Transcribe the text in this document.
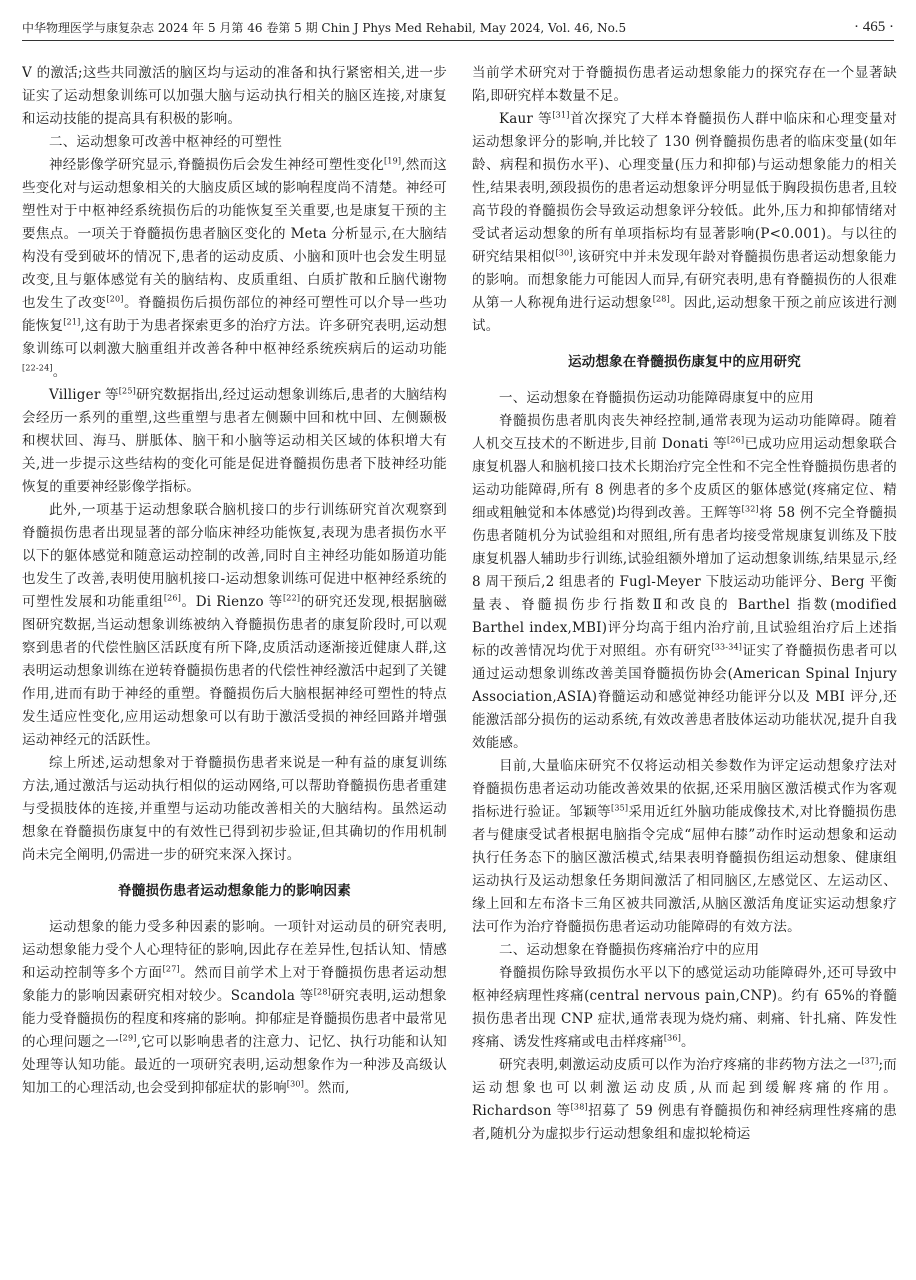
中华物理医学与康复杂志 2024 年 5 月第 46 卷第 5 期 Chin J Phys Med Rehabil, May 2024, Vol. 46, No.5	· 465 ·

V 的激活;这些共同激活的脑区均与运动的准备和执行紧密相关,进一步证实了运动想象训练可以加强大脑与运动执行相关的脑区连接,对康复和运动技能的提高具有积极的影响。

二、运动想象可改善中枢神经的可塑性

神经影像学研究显示,脊髓损伤后会发生神经可塑性变化[19],然而这些变化对与运动想象相关的大脑皮质区域的影响程度尚不清楚。神经可塑性对于中枢神经系统损伤后的功能恢复至关重要,也是康复干预的主要焦点。一项关于脊髓损伤患者脑区变化的 Meta 分析显示,在大脑结构没有受到破坏的情况下,患者的运动皮质、小脑和顶叶也会发生明显改变,且与躯体感觉有关的脑结构、皮质重组、白质扩散和丘脑代谢物也发生了改变[20]。脊髓损伤后损伤部位的神经可塑性可以介导一些功能恢复[21],这有助于为患者探索更多的治疗方法。许多研究表明,运动想象训练可以刺激大脑重组并改善各种中枢神经系统疾病后的运动功能[22-24]。

Villiger 等[25]研究数据指出,经过运动想象训练后,患者的大脑结构会经历一系列的重塑,这些重塑与患者左侧颞中回和枕中回、左侧颞极和楔状回、海马、胼胝体、脑干和小脑等运动相关区域的体积增大有关,进一步提示这些结构的变化可能是促进脊髓损伤患者下肢神经功能恢复的重要神经影像学指标。

此外,一项基于运动想象联合脑机接口的步行训练研究首次观察到脊髓损伤患者出现显著的部分临床神经功能恢复,表现为患者损伤水平以下的躯体感觉和随意运动控制的改善,同时自主神经功能如肠道功能也发生了改善,表明使用脑机接口-运动想象训练可促进中枢神经系统的可塑性发展和功能重组[26]。Di Rienzo 等[22]的研究还发现,根据脑磁图研究数据,当运动想象训练被纳入脊髓损伤患者的康复阶段时,可以观察到患者的代偿性脑区活跃度有所下降,皮质活动逐渐接近健康人群,这表明运动想象训练在逆转脊髓损伤患者的代偿性神经激活中起到了关键作用,进而有助于神经的重塑。脊髓损伤后大脑根据神经可塑性的特点发生适应性变化,应用运动想象可以有助于激活受损的神经回路并增强运动神经元的活跃性。

综上所述,运动想象对于脊髓损伤患者来说是一种有益的康复训练方法,通过激活与运动执行相似的运动网络,可以帮助脊髓损伤患者重建与受损肢体的连接,并重塑与运动功能改善相关的大脑结构。虽然运动想象在脊髓损伤康复中的有效性已得到初步验证,但其确切的作用机制尚未完全阐明,仍需进一步的研究来深入探讨。

脊髓损伤患者运动想象能力的影响因素

运动想象的能力受多种因素的影响。一项针对运动员的研究表明,运动想象能力受个人心理特征的影响,因此存在差异性,包括认知、情感和运动控制等多个方面[27]。然而目前学术上对于脊髓损伤患者运动想象能力的影响因素研究相对较少。Scandola 等[28]研究表明,运动想象能力受脊髓损伤的程度和疼痛的影响。抑郁症是脊髓损伤患者中最常见的心理问题之一[29],它可以影响患者的注意力、记忆、执行功能和认知处理等认知功能。最近的一项研究表明,运动想象作为一种涉及高级认知加工的心理活动,也会受到抑郁症状的影响[30]。然而,

当前学术研究对于脊髓损伤患者运动想象能力的探究存在一个显著缺陷,即研究样本数量不足。

Kaur 等[31]首次探究了大样本脊髓损伤人群中临床和心理变量对运动想象评分的影响,并比较了 130 例脊髓损伤患者的临床变量(如年龄、病程和损伤水平)、心理变量(压力和抑郁)与运动想象能力的相关性,结果表明,颈段损伤的患者运动想象评分明显低于胸段损伤患者,且较高节段的脊髓损伤会导致运动想象评分较低。此外,压力和抑郁情绪对受试者运动想象的所有单项指标均有显著影响(P<0.001)。与以往的研究结果相似[30],该研究中并未发现年龄对脊髓损伤患者运动想象能力的影响。而想象能力可能因人而异,有研究表明,患有脊髓损伤的人很难从第一人称视角进行运动想象[28]。因此,运动想象干预之前应该进行测试。

运动想象在脊髓损伤康复中的应用研究

一、运动想象在脊髓损伤运动功能障碍康复中的应用

脊髓损伤患者肌肉丧失神经控制,通常表现为运动功能障碍。随着人机交互技术的不断进步,目前 Donati 等[26]已成功应用运动想象联合康复机器人和脑机接口技术长期治疗完全性和不完全性脊髓损伤患者的运动功能障碍,所有 8 例患者的多个皮质区的躯体感觉(疼痛定位、精细或粗触觉和本体感觉)均得到改善。王辉等[32]将 58 例不完全脊髓损伤患者随机分为试验组和对照组,所有患者均接受常规康复训练及下肢康复机器人辅助步行训练,试验组额外增加了运动想象训练,结果显示,经 8 周干预后,2 组患者的 Fugl-Meyer 下肢运动功能评分、Berg 平衡量表、脊髓损伤步行指数Ⅱ和改良的 Barthel 指数(modified Barthel index,MBI)评分均高于组内治疗前,且试验组治疗后上述指标的改善情况均优于对照组。亦有研究[33-34]证实了脊髓损伤患者可以通过运动想象训练改善美国脊髓损伤协会(American Spinal Injury Association,ASIA)脊髓运动和感觉神经功能评分以及 MBI 评分,还能激活部分损伤的运动系统,有效改善患者肢体运动功能状况,提升自我效能感。

目前,大量临床研究不仅将运动相关参数作为评定运动想象疗法对脊髓损伤患者运动功能改善效果的依据,还采用脑区激活模式作为客观指标进行验证。邹颖等[35]采用近红外脑功能成像技术,对比脊髓损伤患者与健康受试者根据电脑指令完成“屈伸右膝”动作时运动想象和运动执行任务态下的脑区激活模式,结果表明脊髓损伤组运动想象、健康组运动执行及运动想象任务期间激活了相同脑区,左感觉区、左运动区、缘上回和左布洛卡三角区被共同激活,从脑区激活角度证实运动想象疗法可作为治疗脊髓损伤患者运动功能障碍的有效方法。

二、运动想象在脊髓损伤疼痛治疗中的应用

脊髓损伤除导致损伤水平以下的感觉运动功能障碍外,还可导致中枢神经病理性疼痛(central nervous pain,CNP)。约有 65%的脊髓损伤患者出现 CNP 症状,通常表现为烧灼痛、刺痛、针扎痛、阵发性疼痛、诱发性疼痛或电击样疼痛[36]。

研究表明,刺激运动皮质可以作为治疗疼痛的非药物方法之一[37];而运动想象也可以刺激运动皮质,从而起到缓解疼痛的作用。Richardson 等[38]招募了 59 例患有脊髓损伤和神经病理性疼痛的患者,随机分为虚拟步行运动想象组和虚拟轮椅运
